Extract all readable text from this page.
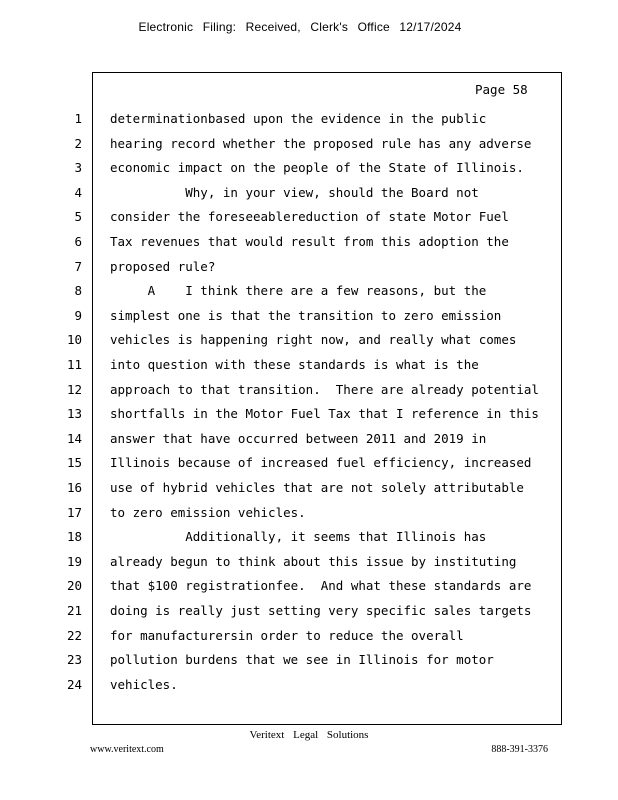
Electronic Filing: Received, Clerk's Office 12/17/2024
Page 58
1 determinationbased upon the evidence in the public
2 hearing record whether the proposed rule has any adverse
3 economic impact on the people of the State of Illinois.
4 Why, in your view, should the Board not
5 consider the foreseeablereduction of state Motor Fuel
6 Tax revenues that would result from this adoption the
7 proposed rule?
8 A    I think there are a few reasons, but the
9 simplest one is that the transition to zero emission
10 vehicles is happening right now, and really what comes
11 into question with these standards is what is the
12 approach to that transition.  There are already potential
13 shortfalls in the Motor Fuel Tax that I reference in this
14 answer that have occurred between 2011 and 2019 in
15 Illinois because of increased fuel efficiency, increased
16 use of hybrid vehicles that are not solely attributable
17 to zero emission vehicles.
18 Additionally, it seems that Illinois has
19 already begun to think about this issue by instituting
20 that $100 registrationfee.  And what these standards are
21 doing is really just setting very specific sales targets
22 for manufacturersin order to reduce the overall
23 pollution burdens that we see in Illinois for motor
24 vehicles.
Veritext Legal Solutions
www.veritext.com	888-391-3376
